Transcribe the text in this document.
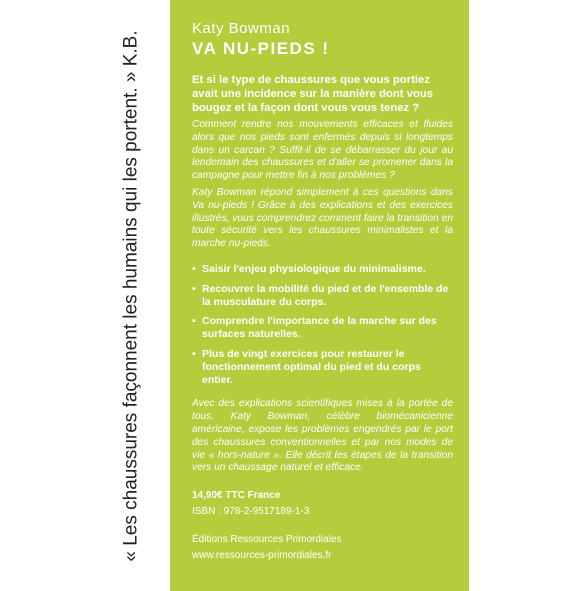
« Les chaussures façonnent les humains qui les portent. » K.B.
Katy Bowman
VA NU-PIEDS !
Et si le type de chaussures que vous portiez avait une incidence sur la manière dont vous bougez et la façon dont vous vous tenez ?
Comment rendre nos mouvements efficaces et fluides alors que nos pieds sont enfermés depuis si longtemps dans un carcan ? Suffit-il de se débarrasser du jour au lendemain des chaussures et d'aller se promener dans la campagne pour mettre fin à nos problèmes ?
Katy Bowman répond simplement à ces questions dans Va nu-pieds ! Grâce à des explications et des exercices illustrés, vous comprendrez comment faire la transition en toute sécurité vers les chaussures minimalistes et la marche nu-pieds.
• Saisir l'enjeu physiologique du minimalisme.
• Recouvrer la mobilité du pied et de l'ensemble de la musculature du corps.
• Comprendre l'importance de la marche sur des surfaces naturelles.
• Plus de vingt exercices pour restaurer le fonctionnement optimal du pied et du corps entier.
Avec des explications scientifiques mises à la portée de tous, Katy Bowman, célèbre biomécanicienne américaine, expose les problèmes engendrés par le port des chaussures conventionnelles et par nos modes de vie « hors-nature ». Elle décrit les étapes de la transition vers un chaussage naturel et efficace.
14,90€ TTC France
ISBN : 978-2-9517189-1-3
Éditions Ressources Primordiales
www.ressources-primordiales.fr
